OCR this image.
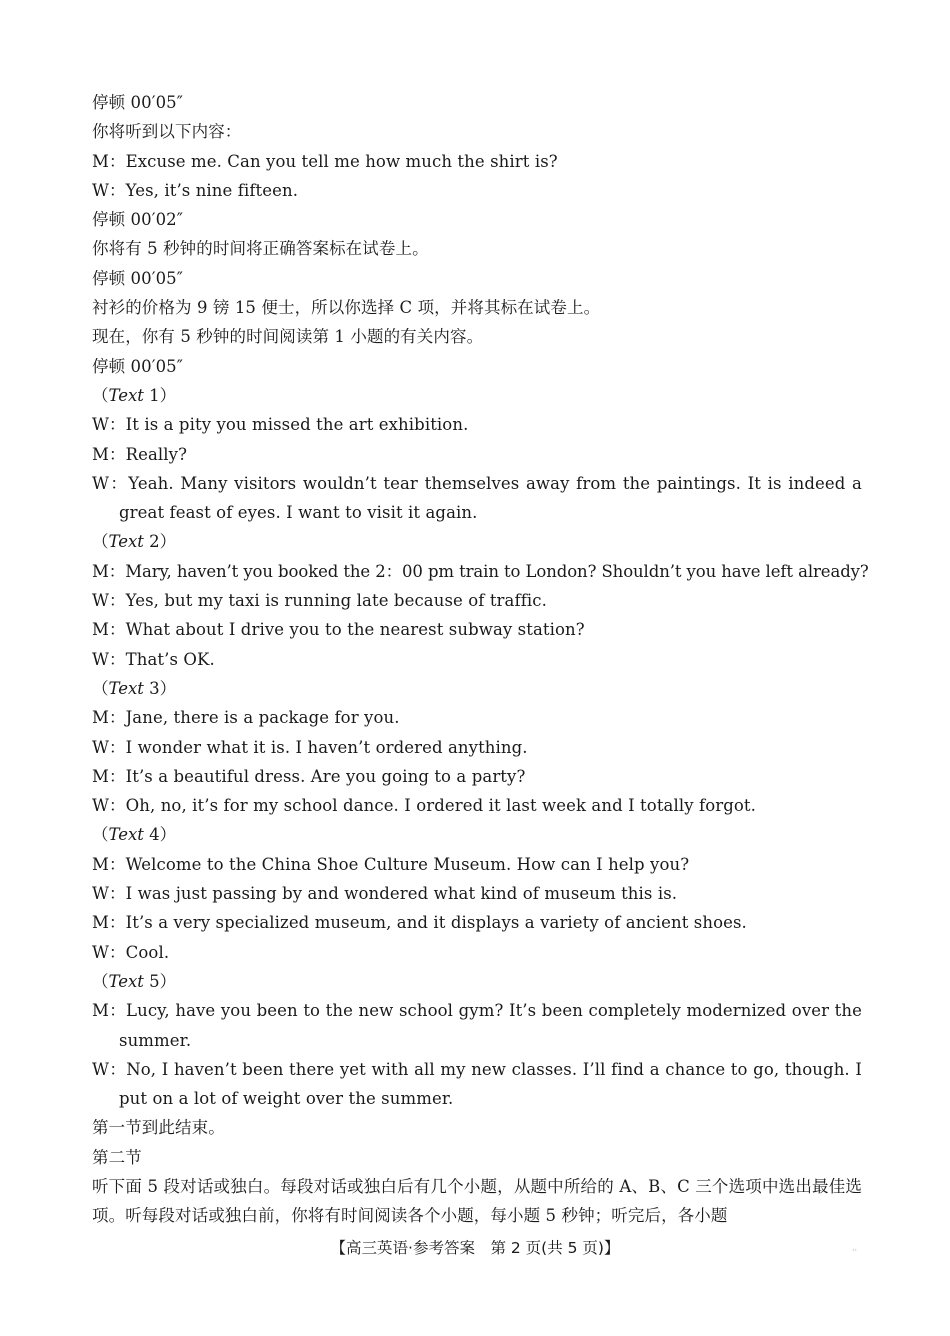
停顿 00′05″
你将听到以下内容：
M：Excuse me. Can you tell me how much the shirt is?
W：Yes, it’s nine fifteen.
停顿 00′02″
你将有 5 秒钟的时间将正确答案标在试卷上。
停顿 00′05″
衬衫的价格为 9 镑 15 便士，所以你选择 C 项，并将其标在试卷上。
现在，你有 5 秒钟的时间阅读第 1 小题的有关内容。
停顿 00′05″
（Text 1）
W：It is a pity you missed the art exhibition.
M：Really?
W：Yeah. Many visitors wouldn’t tear themselves away from the paintings. It is indeed a great feast of eyes. I want to visit it again.
（Text 2）
M：Mary, haven’t you booked the 2：00 pm train to London? Shouldn’t you have left already?
W：Yes, but my taxi is running late because of traffic.
M：What about I drive you to the nearest subway station?
W：That’s OK.
（Text 3）
M：Jane, there is a package for you.
W：I wonder what it is. I haven’t ordered anything.
M：It’s a beautiful dress. Are you going to a party?
W：Oh, no, it’s for my school dance. I ordered it last week and I totally forgot.
（Text 4）
M：Welcome to the China Shoe Culture Museum. How can I help you?
W：I was just passing by and wondered what kind of museum this is.
M：It’s a very specialized museum, and it displays a variety of ancient shoes.
W：Cool.
（Text 5）
M：Lucy, have you been to the new school gym? It’s been completely modernized over the summer.
W：No, I haven’t been there yet with all my new classes. I’ll find a chance to go, though. I put on a lot of weight over the summer.
第一节到此结束。
第二节
听下面 5 段对话或独白。每段对话或独白后有几个小题，从题中所给的 A、B、C 三个选项中选出最佳选项。听每段对话或独白前，你将有时间阅读各个小题，每小题 5 秒钟；听完后，各小题
【高三英语·参考答案　第 2 页(共 5 页)】	··
